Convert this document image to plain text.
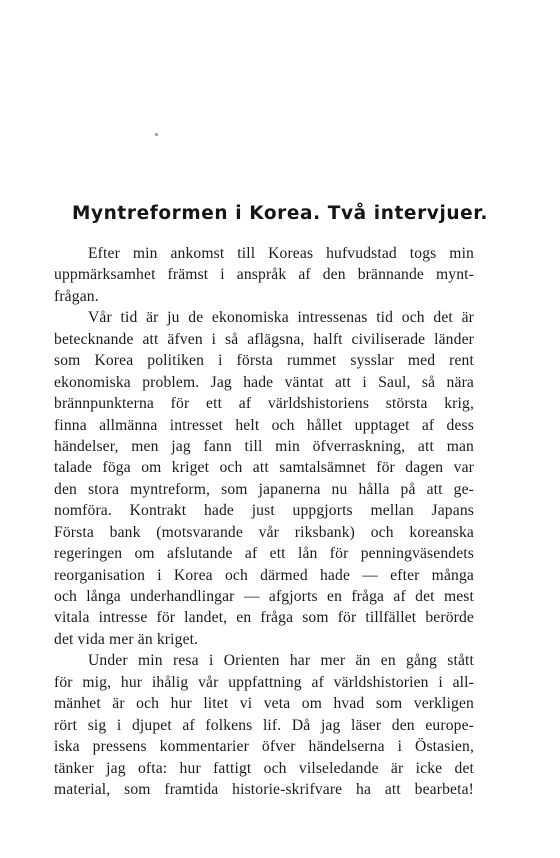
Myntreformen i Korea. Två intervjuer.
Efter min ankomst till Koreas hufvudstad togs min
uppmärksamhet främst i anspråk af den brännande mynt-
frågan.
Vår tid är ju de ekonomiska intressenas tid och det är
betecknande att äfven i så aflägsna, halft civiliserade länder
som Korea politiken i första rummet sysslar med rent
ekonomiska problem. Jag hade väntat att i Saul, så nära
brännpunkterna för ett af världshistoriens största krig,
finna allmänna intresset helt och hållet upptaget af dess
händelser, men jag fann till min öfverraskning, att man
talade föga om kriget och att samtalsämnet för dagen var
den stora myntreform, som japanerna nu hålla på att ge-
nomföra. Kontrakt hade just uppgjorts mellan Japans
Första bank (motsvarande vår riksbank) och koreanska
regeringen om afslutande af ett lån för penningväsendets
reorganisation i Korea och därmed hade — efter många
och långa underhandlingar — afgjorts en fråga af det mest
vitala intresse för landet, en fråga som för tillfället berörde
det vida mer än kriget.
Under min resa i Orienten har mer än en gång stått
för mig, hur ihålig vår uppfattning af världshistorien i all-
mänhet är och hur litet vi veta om hvad som verkligen
rört sig i djupet af folkens lif. Då jag läser den europe-
iska pressens kommentarier öfver händelserna i Östasien,
tänker jag ofta: hur fattigt och vilseledande är icke det
material, som framtida historie-skrifvare ha att bearbeta!
